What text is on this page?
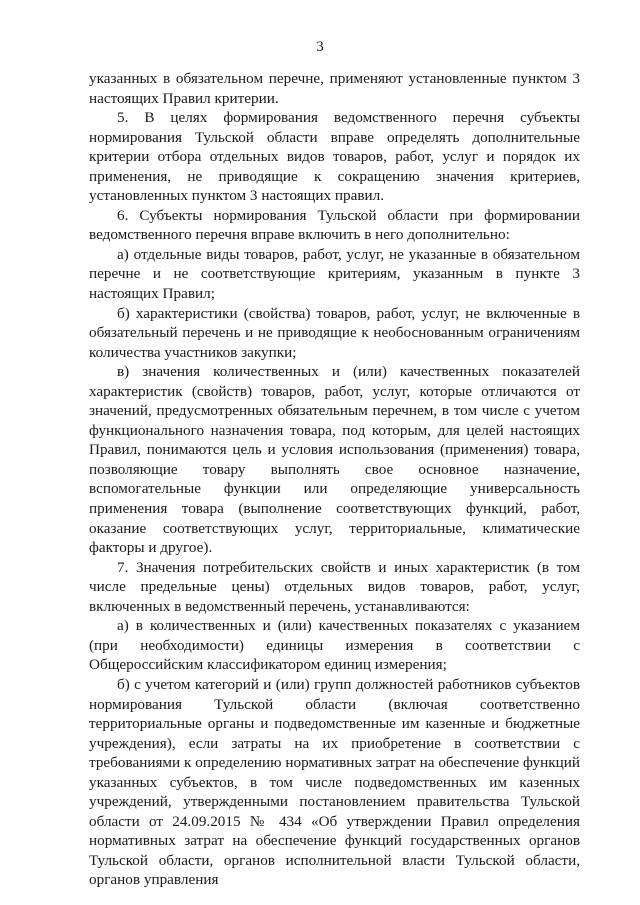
3

указанных в обязательном перечне, применяют установленные пунктом 3 настоящих Правил критерии.

5. В целях формирования ведомственного перечня субъекты нормирования Тульской области вправе определять дополнительные критерии отбора отдельных видов товаров, работ, услуг и порядок их применения, не приводящие к сокращению значения критериев, установленных пунктом 3 настоящих правил.

6. Субъекты нормирования Тульской области при формировании ведомственного перечня вправе включить в него дополнительно:

а) отдельные виды товаров, работ, услуг, не указанные в обязательном перечне и не соответствующие критериям, указанным в пункте 3 настоящих Правил;

б) характеристики (свойства) товаров, работ, услуг, не включенные в обязательный перечень и не приводящие к необоснованным ограничениям количества участников закупки;

в) значения количественных и (или) качественных показателей характеристик (свойств) товаров, работ, услуг, которые отличаются от значений, предусмотренных обязательным перечнем, в том числе с учетом функционального назначения товара, под которым, для целей настоящих Правил, понимаются цель и условия использования (применения) товара, позволяющие товару выполнять свое основное назначение, вспомогательные функции или определяющие универсальность применения товара (выполнение соответствующих функций, работ, оказание соответствующих услуг, территориальные, климатические факторы и другое).

7. Значения потребительских свойств и иных характеристик (в том числе предельные цены) отдельных видов товаров, работ, услуг, включенных в ведомственный перечень, устанавливаются:

а) в количественных и (или) качественных показателях с указанием (при необходимости) единицы измерения в соответствии с Общероссийским классификатором единиц измерения;

б) с учетом категорий и (или) групп должностей работников субъектов нормирования Тульской области (включая соответственно территориальные органы и подведомственные им казенные и бюджетные учреждения), если затраты на их приобретение в соответствии с требованиями к определению нормативных затрат на обеспечение функций указанных субъектов, в том числе подведомственных им казенных учреждений, утвержденными постановлением правительства Тульской области от 24.09.2015 № 434 «Об утверждении Правил определения нормативных затрат на обеспечение функций государственных органов Тульской области, органов исполнительной власти Тульской области, органов управления
